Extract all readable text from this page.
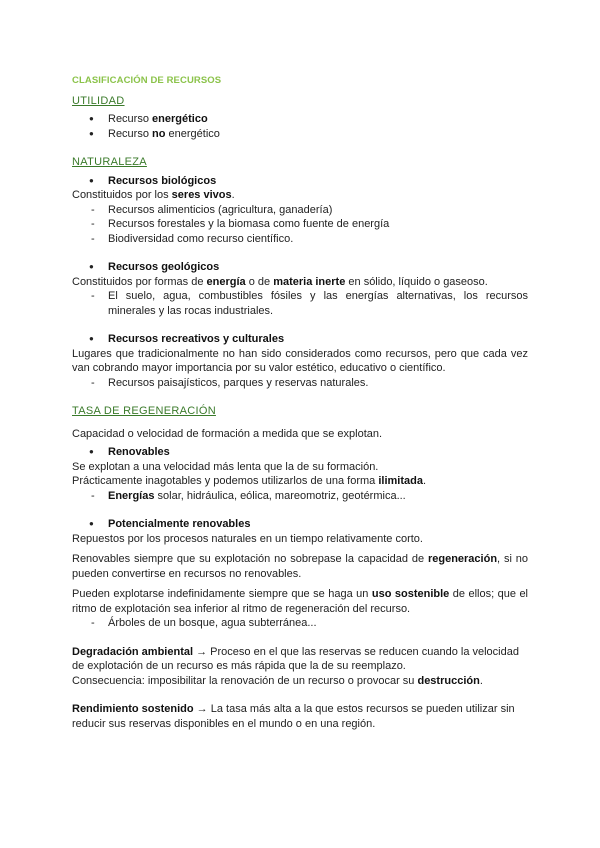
CLASIFICACIÓN DE RECURSOS
UTILIDAD
● Recurso energético
● Recurso no energético
NATURALEZA
● Recursos biológicos
Constituidos por los seres vivos.
- Recursos alimenticios (agricultura, ganadería)
- Recursos forestales y la biomasa como fuente de energía
- Biodiversidad como recurso científico.
● Recursos geológicos
Constituidos por formas de energía o de materia inerte en sólido, líquido o gaseoso.
- El suelo, agua, combustibles fósiles y las energías alternativas, los recursos minerales y las rocas industriales.
● Recursos recreativos y culturales
Lugares que tradicionalmente no han sido considerados como recursos, pero que cada vez van cobrando mayor importancia por su valor estético, educativo o científico.
- Recursos paisajísticos, parques y reservas naturales.
TASA DE REGENERACIÓN
Capacidad o velocidad de formación a medida que se explotan.
● Renovables
Se explotan a una velocidad más lenta que la de su formación.
Prácticamente inagotables y podemos utilizarlos de una forma ilimitada.
- Energías solar, hidráulica, eólica, mareomotriz, geotérmica...
● Potencialmente renovables
Repuestos por los procesos naturales en un tiempo relativamente corto.
Renovables siempre que su explotación no sobrepase la capacidad de regeneración, si no pueden convertirse en recursos no renovables.
Pueden explotarse indefinidamente siempre que se haga un uso sostenible de ellos; que el ritmo de explotación sea inferior al ritmo de regeneración del recurso.
- Árboles de un bosque, agua subterránea...
Degradación ambiental → Proceso en el que las reservas se reducen cuando la velocidad de explotación de un recurso es más rápida que la de su reemplazo.
Consecuencia: imposibilitar la renovación de un recurso o provocar su destrucción.
Rendimiento sostenido → La tasa más alta a la que estos recursos se pueden utilizar sin reducir sus reservas disponibles en el mundo o en una región.
